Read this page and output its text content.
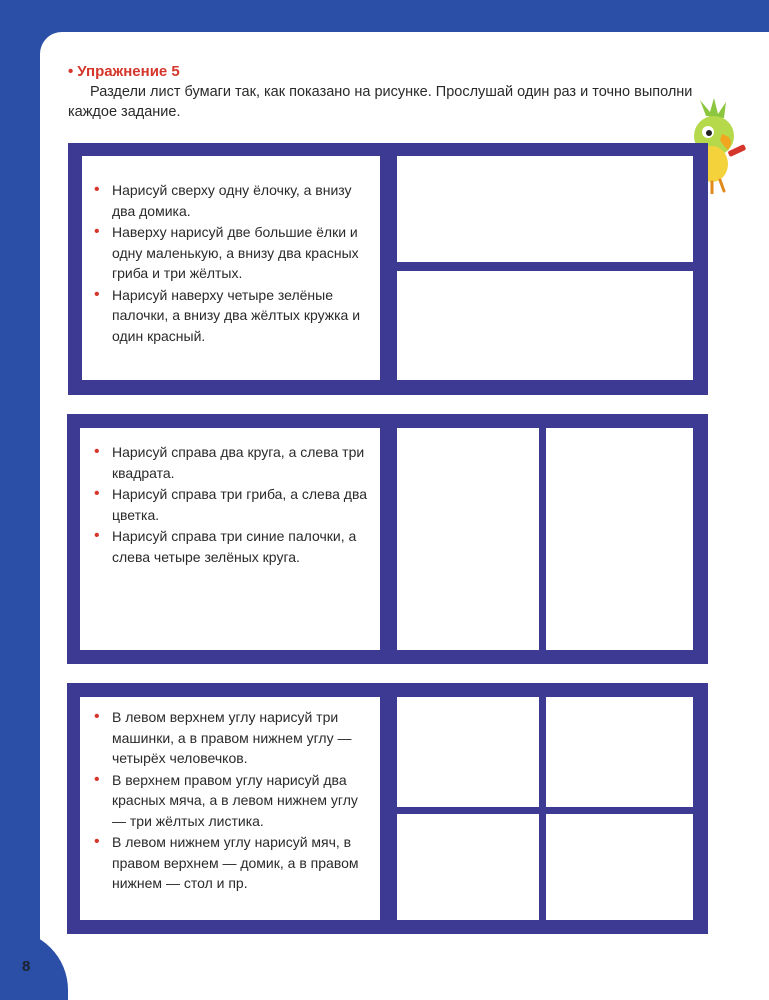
• Упражнение 5
Раздели лист бумаги так, как показано на рисунке. Прослушай один раз и точно выполни каждое задание.
• Нарисуй сверху одну ёлочку, а внизу два домика.
• Наверху нарисуй две большие ёлки и одну маленькую, а внизу два красных гриба и три жёлтых.
• Нарисуй наверху четыре зелёные палочки, а внизу два жёлтых кружка и один красный.
• Нарисуй справа два круга, а слева три квадрата.
• Нарисуй справа три гриба, а слева два цветка.
• Нарисуй справа три синие палочки, а слева четыре зелёных круга.
• В левом верхнем углу нарисуй три машинки, а в правом нижнем углу — четырёх человечков.
• В верхнем правом углу нарисуй два красных мяча, а в левом нижнем углу — три жёлтых листика.
• В левом нижнем углу нарисуй мяч, в правом верхнем — домик, а в правом нижнем — стол и пр.
8
